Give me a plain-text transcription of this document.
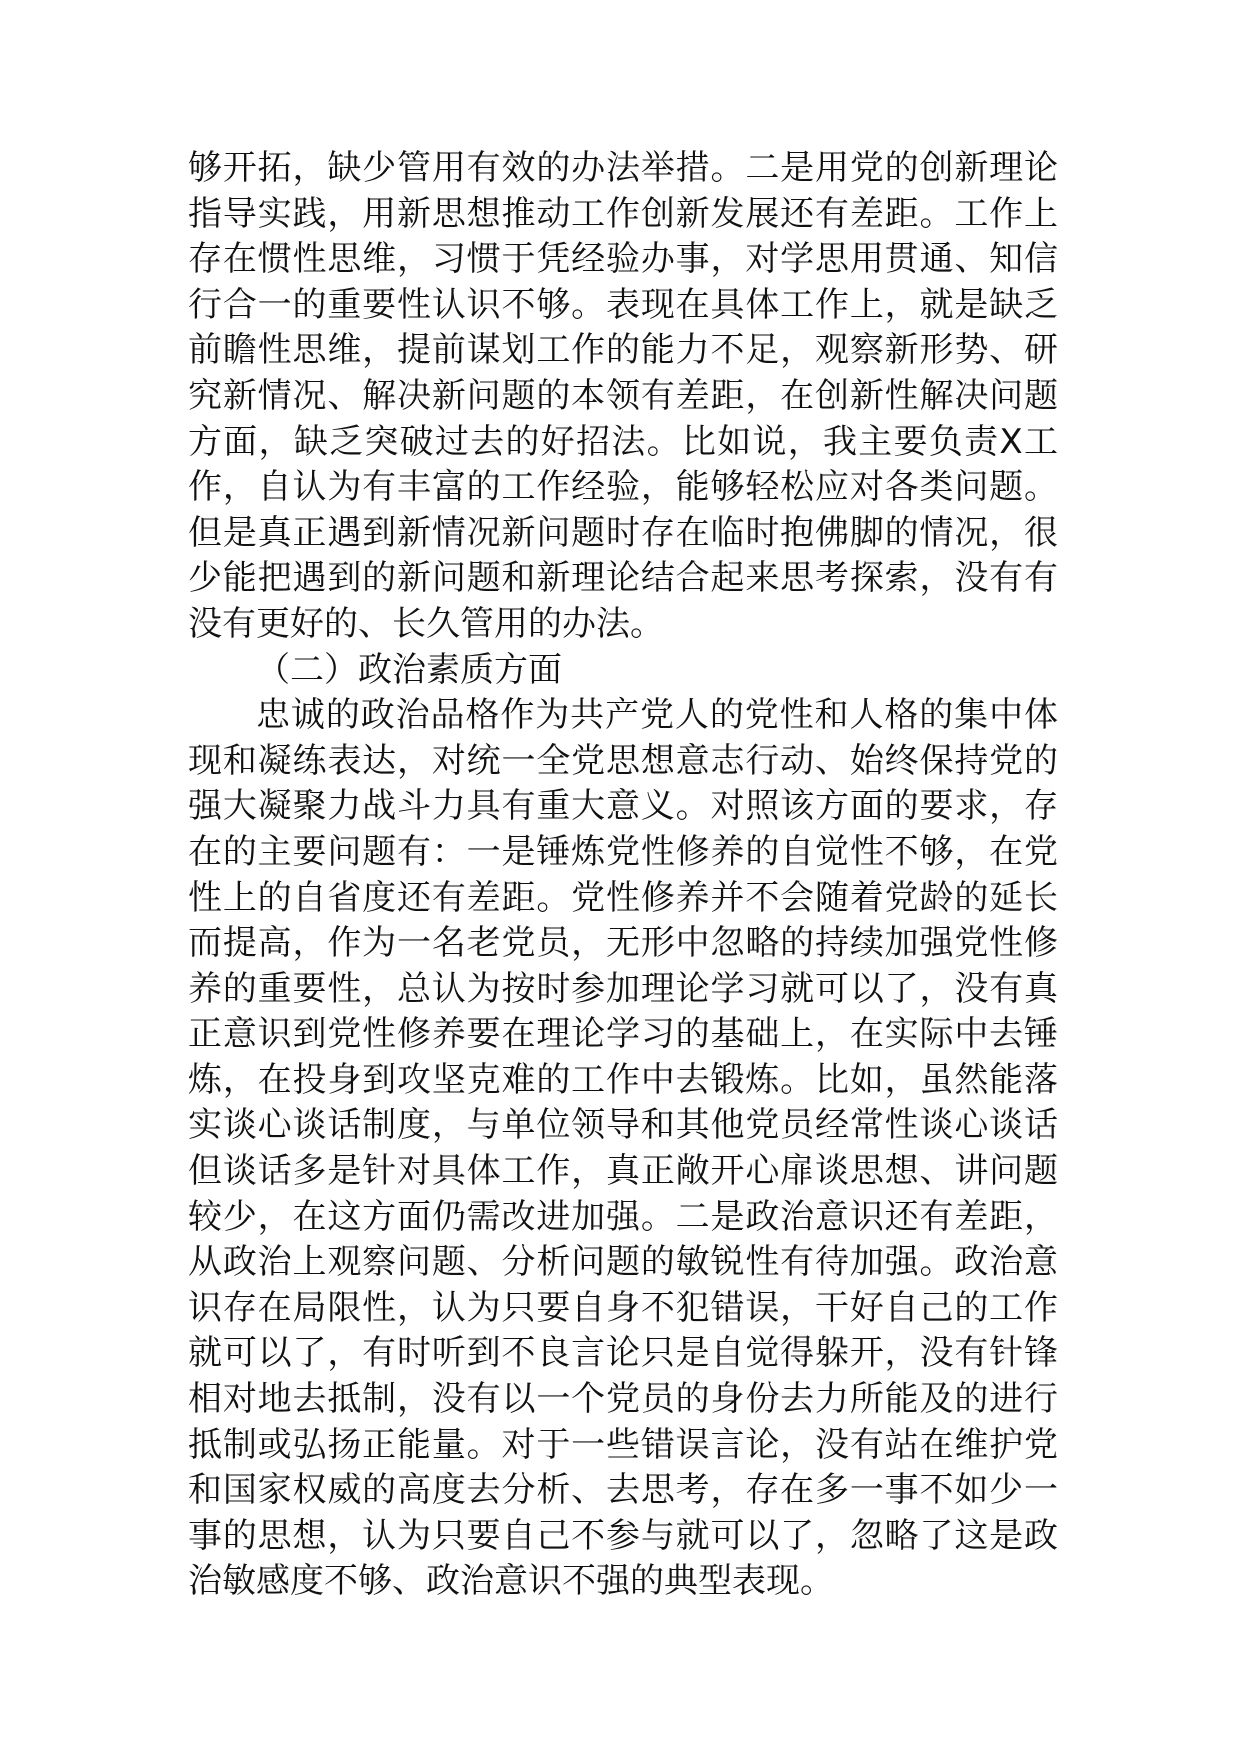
够开拓，缺少管用有效的办法举措。二是用党的创新理论
指导实践，用新思想推动工作创新发展还有差距。工作上
存在惯性思维，习惯于凭经验办事，对学思用贯通、知信
行合一的重要性认识不够。表现在具体工作上，就是缺乏
前瞻性思维，提前谋划工作的能力不足，观察新形势、研
究新情况、解决新问题的本领有差距，在创新性解决问题
方面，缺乏突破过去的好招法。比如说，我主要负责X工
作，自认为有丰富的工作经验，能够轻松应对各类问题。
但是真正遇到新情况新问题时存在临时抱佛脚的情况，很
少能把遇到的新问题和新理论结合起来思考探索，没有有
没有更好的、长久管用的办法。
（二）政治素质方面
忠诚的政治品格作为共产党人的党性和人格的集中体
现和凝练表达，对统一全党思想意志行动、始终保持党的
强大凝聚力战斗力具有重大意义。对照该方面的要求，存
在的主要问题有：一是锤炼党性修养的自觉性不够，在党
性上的自省度还有差距。党性修养并不会随着党龄的延长
而提高，作为一名老党员，无形中忽略的持续加强党性修
养的重要性，总认为按时参加理论学习就可以了，没有真
正意识到党性修养要在理论学习的基础上，在实际中去锤
炼，在投身到攻坚克难的工作中去锻炼。比如，虽然能落
实谈心谈话制度，与单位领导和其他党员经常性谈心谈话
但谈话多是针对具体工作，真正敞开心扉谈思想、讲问题
较少，在这方面仍需改进加强。二是政治意识还有差距，
从政治上观察问题、分析问题的敏锐性有待加强。政治意
识存在局限性，认为只要自身不犯错误，干好自己的工作
就可以了，有时听到不良言论只是自觉得躲开，没有针锋
相对地去抵制，没有以一个党员的身份去力所能及的进行
抵制或弘扬正能量。对于一些错误言论，没有站在维护党
和国家权威的高度去分析、去思考，存在多一事不如少一
事的思想，认为只要自己不参与就可以了，忽略了这是政
治敏感度不够、政治意识不强的典型表现。
